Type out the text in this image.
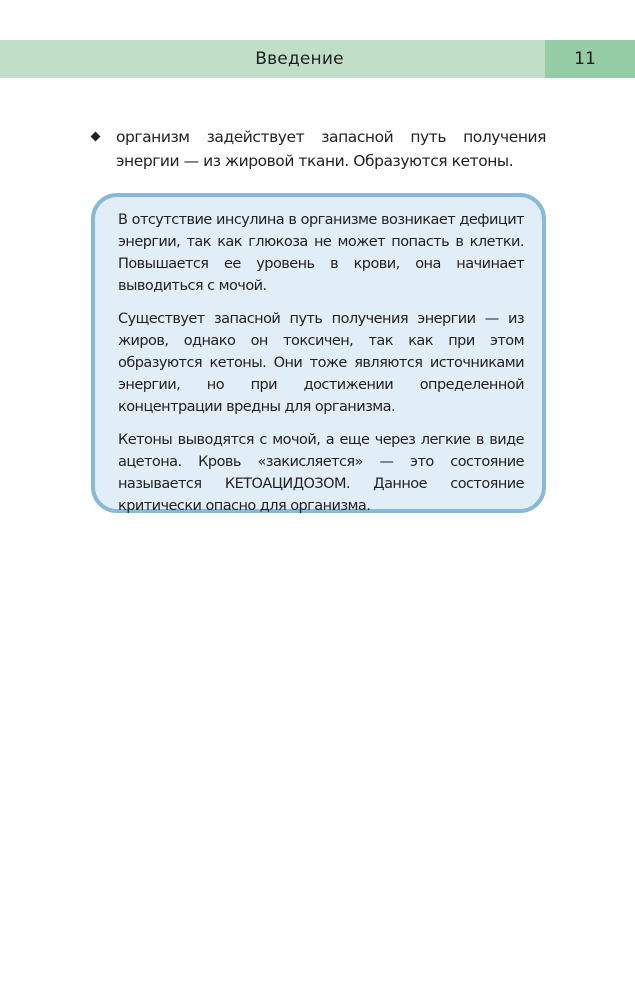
Введение	11
организм задействует запасной путь получения энергии — из жировой ткани. Образуются кетоны.

В отсутствие инсулина в организме возникает дефицит энергии, так как глюкоза не может попасть в клетки. Повышается ее уровень в крови, она начинает выводиться с мочой.

Существует запасной путь получения энергии — из жиров, однако он токсичен, так как при этом образуются кетоны. Они тоже являются источниками энергии, но при достижении определенной концентрации вредны для организма.

Кетоны выводятся с мочой, а еще через легкие в виде ацетона. Кровь «закисляется» — это состояние называется КЕТОАЦИДОЗОМ. Данное состояние критически опасно для организма.
